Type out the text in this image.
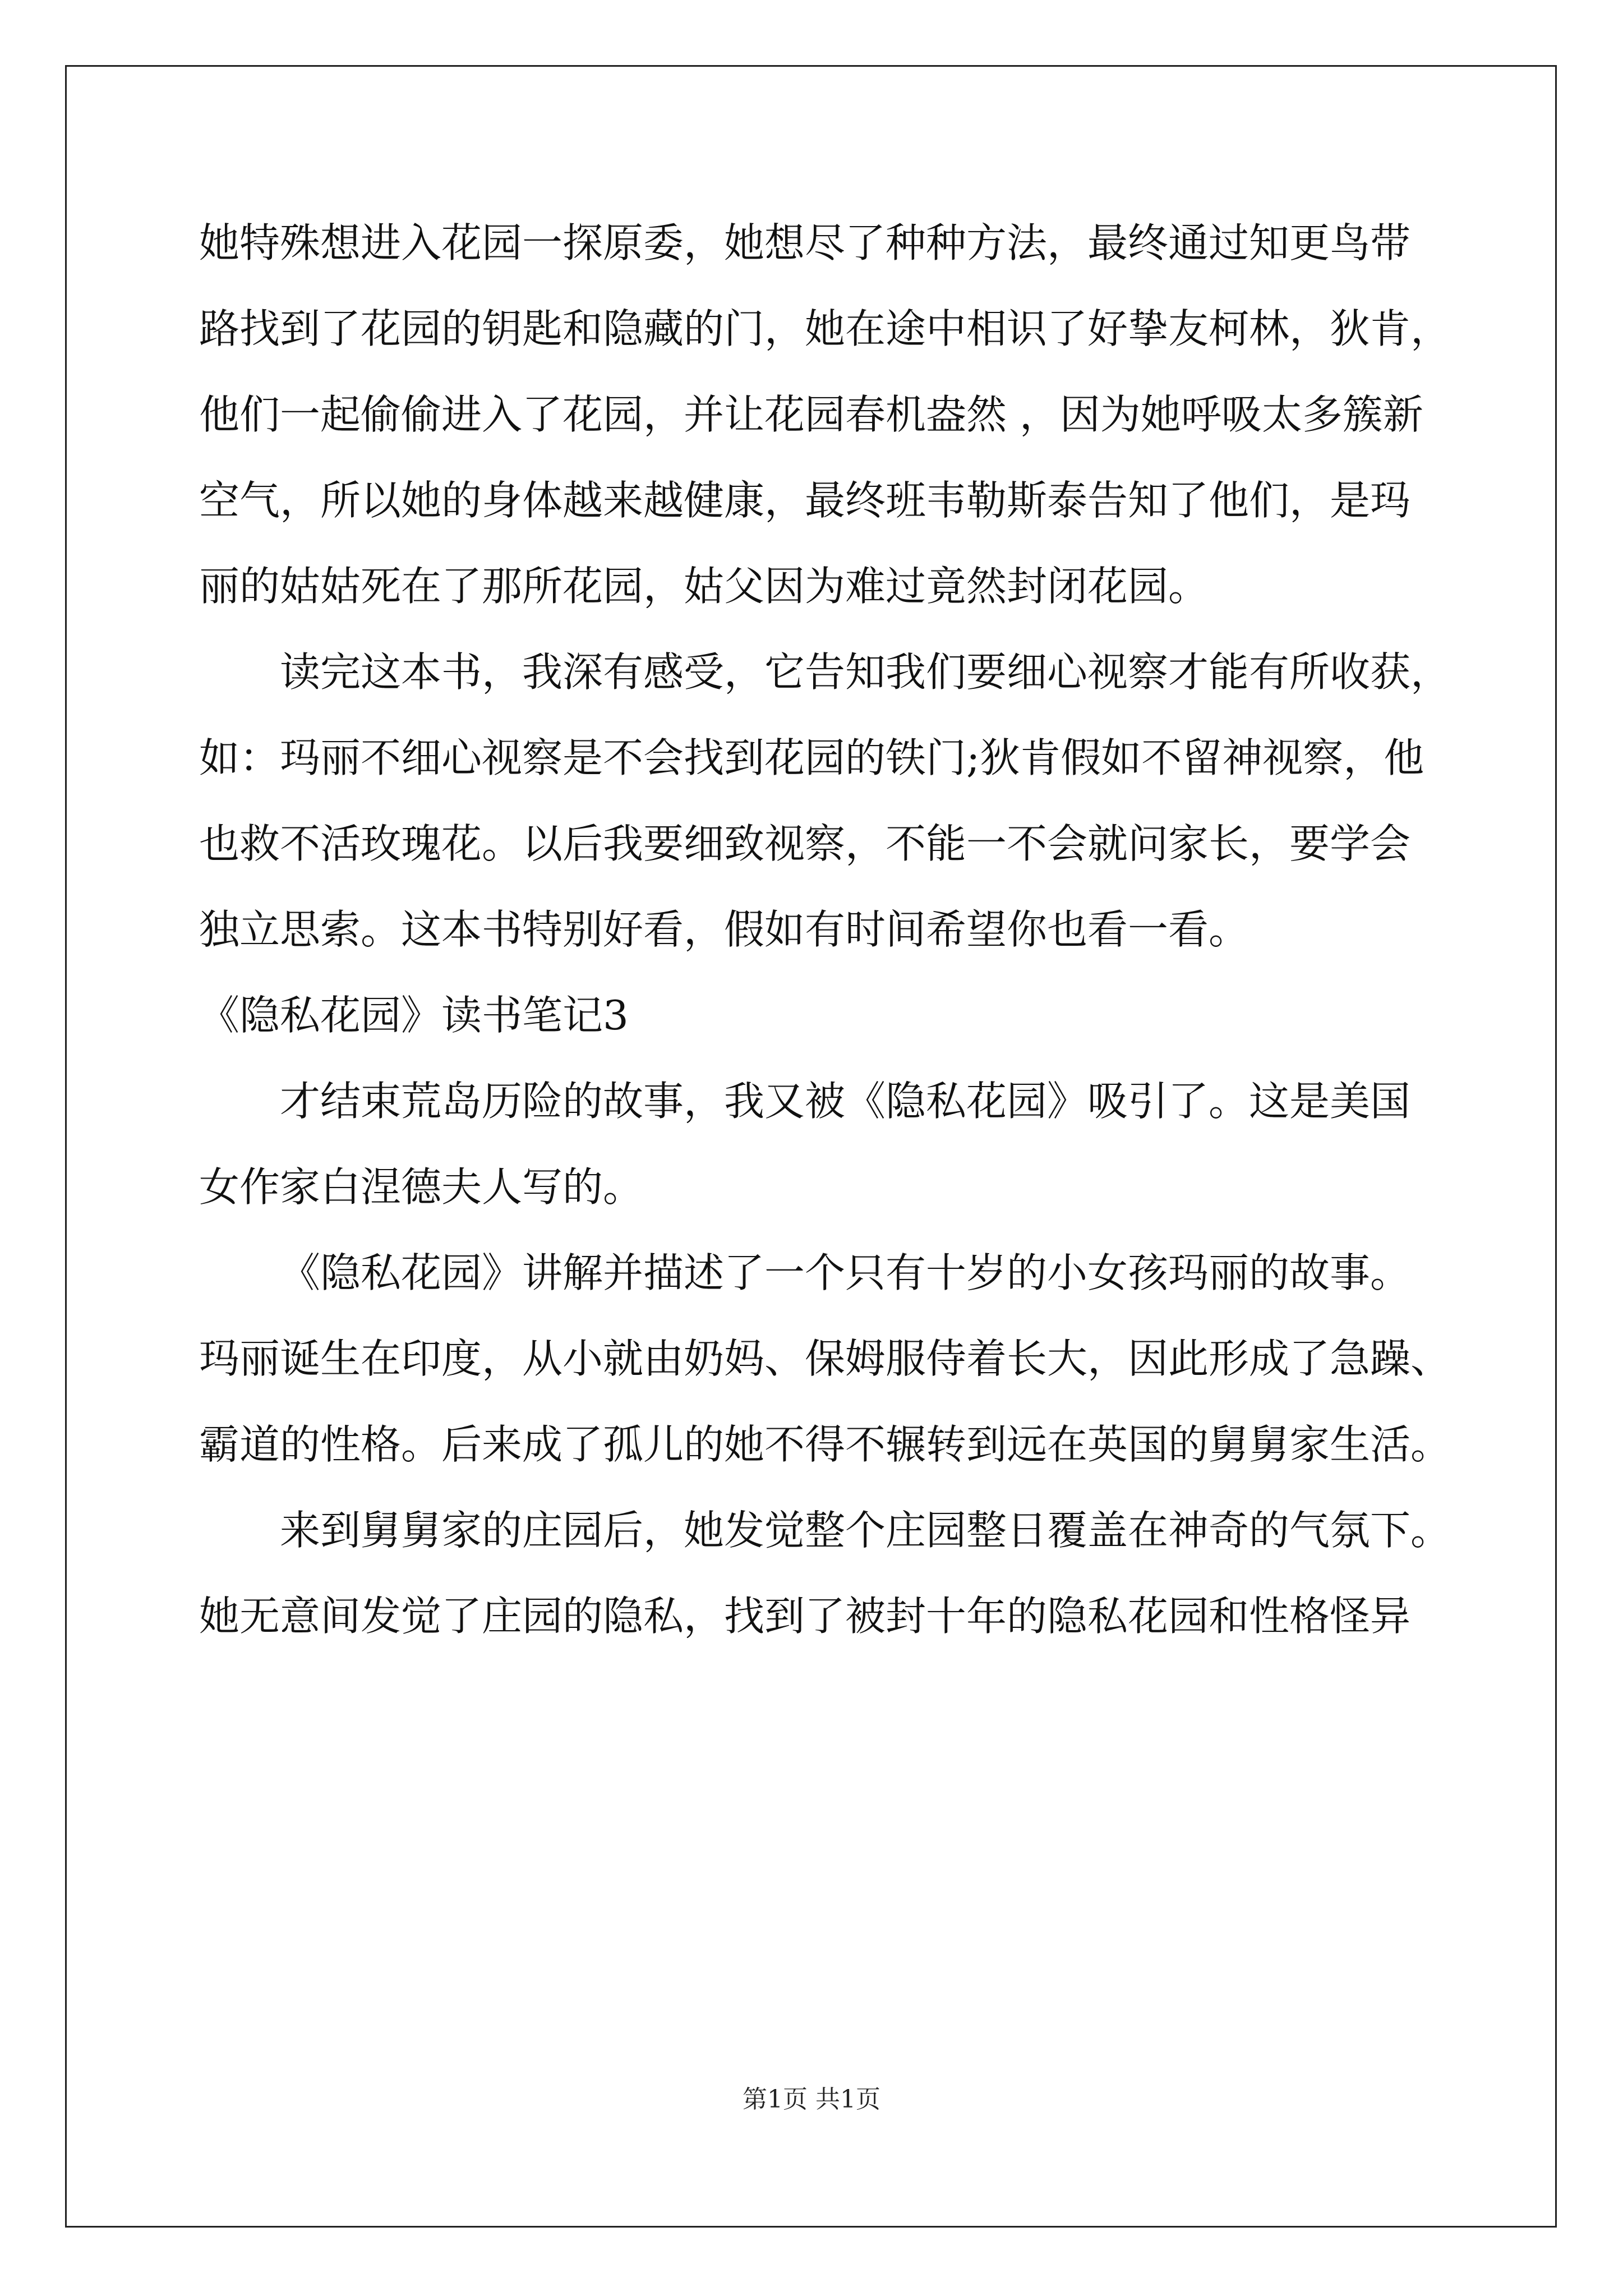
她特殊想进入花园一探原委，她想尽了种种方法，最终通过知更鸟带
路找到了花园的钥匙和隐藏的门，她在途中相识了好挚友柯林，狄肯，
他们一起偷偷进入了花园，并让花园春机盎然 ，因为她呼吸太多簇新
空气，所以她的身体越来越健康，最终班韦勒斯泰告知了他们，是玛
丽的姑姑死在了那所花园，姑父因为难过竟然封闭花园。
读完这本书，我深有感受，它告知我们要细心视察才能有所收获，
如：玛丽不细心视察是不会找到花园的铁门;狄肯假如不留神视察，他
也救不活玫瑰花。以后我要细致视察，不能一不会就问家长，要学会
独立思索。这本书特别好看，假如有时间希望你也看一看。
《隐私花园》读书笔记3
才结束荒岛历险的故事，我又被《隐私花园》吸引了。这是美国
女作家白涅德夫人写的。
《隐私花园》讲解并描述了一个只有十岁的小女孩玛丽的故事。
玛丽诞生在印度，从小就由奶妈、保姆服侍着长大，因此形成了急躁、
霸道的性格。后来成了孤儿的她不得不辗转到远在英国的舅舅家生活。
来到舅舅家的庄园后，她发觉整个庄园整日覆盖在神奇的气氛下。
她无意间发觉了庄园的隐私，找到了被封十年的隐私花园和性格怪异
第1页 共1页
